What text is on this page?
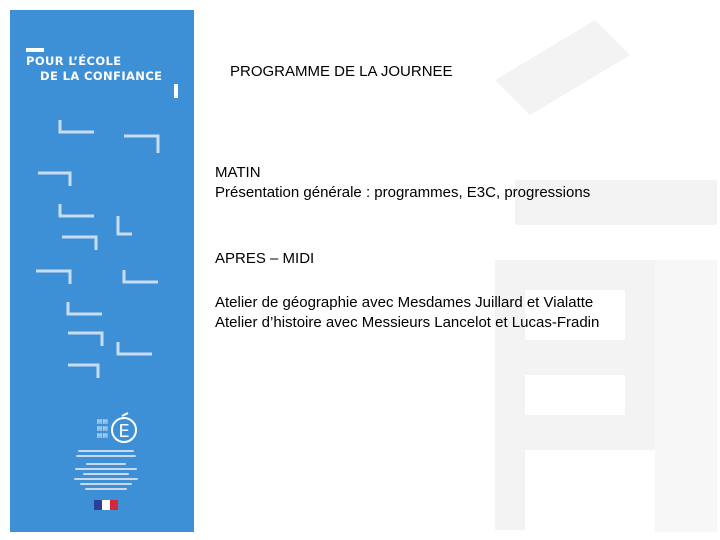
POUR L’ÉCOLE
DE LA CONFIANCE
▤▤
▤▤
▤▤ E
PROGRAMME DE LA JOURNEE
MATIN
Présentation générale : programmes, E3C, progressions
APRES – MIDI
Atelier de géographie avec Mesdames Juillard et Vialatte
Atelier d’histoire avec Messieurs Lancelot et Lucas-Fradin
